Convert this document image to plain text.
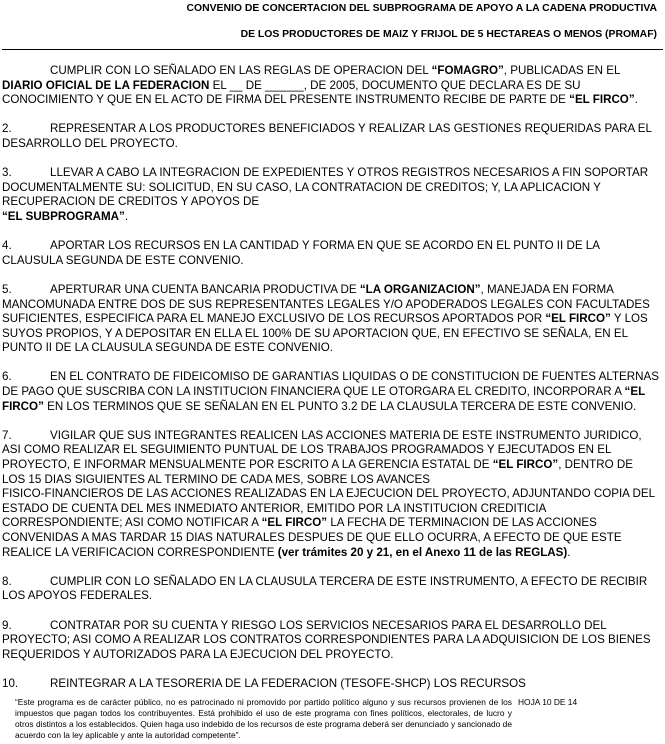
CONVENIO DE CONCERTACION DEL SUBPROGRAMA DE APOYO A LA CADENA PRODUCTIVA
DE LOS PRODUCTORES DE MAIZ Y FRIJOL DE 5 HECTAREAS O MENOS (PROMAF)

CUMPLIR CON LO SEÑALADO EN LAS REGLAS DE OPERACION DEL “FOMAGRO”, PUBLICADAS EN EL DIARIO OFICIAL DE LA FEDERACION EL __ DE ______, DE 2005, DOCUMENTO QUE DECLARA ES DE SU CONOCIMIENTO Y QUE EN EL ACTO DE FIRMA DEL PRESENTE INSTRUMENTO RECIBE DE PARTE DE “EL FIRCO”.

2.	REPRESENTAR A LOS PRODUCTORES BENEFICIADOS Y REALIZAR LAS GESTIONES REQUERIDAS PARA EL DESARROLLO DEL PROYECTO.

3.	LLEVAR A CABO LA INTEGRACION DE EXPEDIENTES Y OTROS REGISTROS NECESARIOS A FIN SOPORTAR DOCUMENTALMENTE SU: SOLICITUD, EN SU CASO, LA CONTRATACION DE CREDITOS; Y, LA APLICACION Y RECUPERACION DE CREDITOS Y APOYOS DE
“EL SUBPROGRAMA”.

4.	APORTAR LOS RECURSOS EN LA CANTIDAD Y FORMA EN QUE SE ACORDO EN EL PUNTO II DE LA CLAUSULA SEGUNDA DE ESTE CONVENIO.

5.	APERTURAR UNA CUENTA BANCARIA PRODUCTIVA DE “LA ORGANIZACION”, MANEJADA EN FORMA MANCOMUNADA ENTRE DOS DE SUS REPRESENTANTES LEGALES Y/O APODERADOS LEGALES CON FACULTADES SUFICIENTES, ESPECIFICA PARA EL MANEJO EXCLUSIVO DE LOS RECURSOS APORTADOS POR “EL FIRCO” Y LOS SUYOS PROPIOS, Y A DEPOSITAR EN ELLA EL 100% DE SU APORTACION QUE, EN EFECTIVO SE SEÑALA, EN EL PUNTO II DE LA CLAUSULA SEGUNDA DE ESTE CONVENIO.

6.	EN EL CONTRATO DE FIDEICOMISO DE GARANTIAS LIQUIDAS O DE CONSTITUCION DE FUENTES ALTERNAS DE PAGO QUE SUSCRIBA CON LA INSTITUCION FINANCIERA QUE LE OTORGARA EL CREDITO, INCORPORAR A “EL FIRCO” EN LOS TERMINOS QUE SE SEÑALAN EN EL PUNTO 3.2 DE LA CLAUSULA TERCERA DE ESTE CONVENIO.

7.	VIGILAR QUE SUS INTEGRANTES REALICEN LAS ACCIONES MATERIA DE ESTE INSTRUMENTO JURIDICO, ASI COMO REALIZAR EL SEGUIMIENTO PUNTUAL DE LOS TRABAJOS PROGRAMADOS Y EJECUTADOS EN EL PROYECTO, E INFORMAR MENSUALMENTE POR ESCRITO A LA GERENCIA ESTATAL DE “EL FIRCO”, DENTRO DE LOS 15 DIAS SIGUIENTES AL TERMINO DE CADA MES, SOBRE LOS AVANCES
FISICO-FINANCIEROS DE LAS ACCIONES REALIZADAS EN LA EJECUCION DEL PROYECTO, ADJUNTANDO COPIA DEL ESTADO DE CUENTA DEL MES INMEDIATO ANTERIOR, EMITIDO POR LA INSTITUCION CREDITICIA CORRESPONDIENTE; ASI COMO NOTIFICAR A “EL FIRCO” LA FECHA DE TERMINACION DE LAS ACCIONES CONVENIDAS A MAS TARDAR 15 DIAS NATURALES DESPUES DE QUE ELLO OCURRA, A EFECTO DE QUE ESTE REALICE LA VERIFICACION CORRESPONDIENTE (ver trámites 20 y 21, en el Anexo 11 de las REGLAS).

8.	CUMPLIR CON LO SEÑALADO EN LA CLAUSULA TERCERA DE ESTE INSTRUMENTO, A EFECTO DE RECIBIR LOS APOYOS FEDERALES.

9.	CONTRATAR POR SU CUENTA Y RIESGO LOS SERVICIOS NECESARIOS PARA EL DESARROLLO DEL PROYECTO; ASI COMO A REALIZAR LOS CONTRATOS CORRESPONDIENTES PARA LA ADQUISICION DE LOS BIENES REQUERIDOS Y AUTORIZADOS PARA LA EJECUCION DEL PROYECTO.

10.	REINTEGRAR A LA TESORERIA DE LA FEDERACION (TESOFE-SHCP) LOS RECURSOS

“Este programa es de carácter público, no es patrocinado ni promovido por partido político alguno y sus recursos provienen de los impuestos que pagan todos los contribuyentes. Está prohibido el uso de este programa con fines políticos, electorales, de lucro y otros distintos a los establecidos. Quien haga uso indebido de los recursos de este programa deberá ser denunciado y sancionado de acuerdo con la ley aplicable y ante la autoridad competente”.
HOJA 10 DE 14
